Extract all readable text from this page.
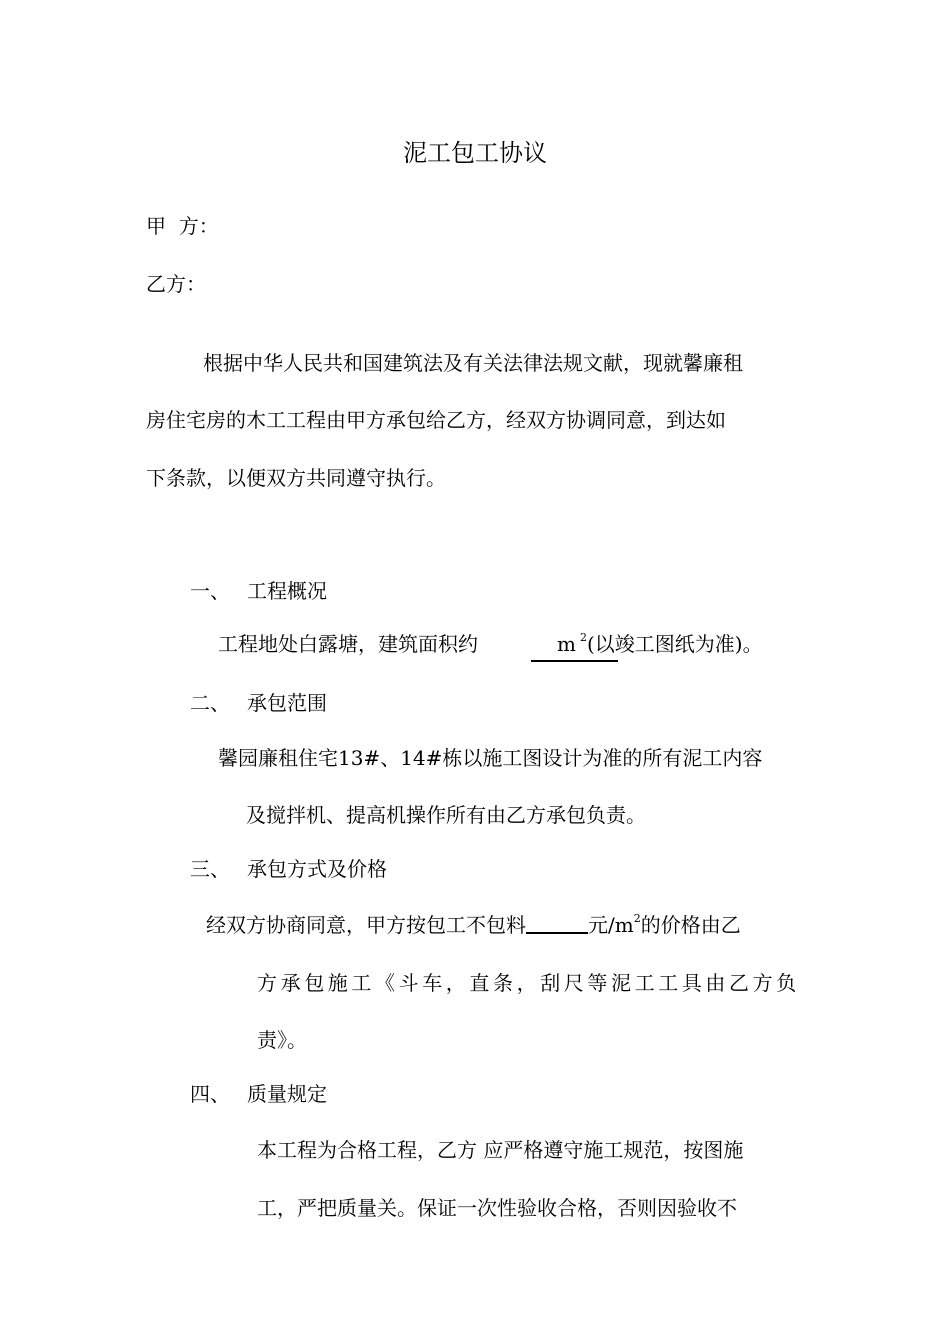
泥工包工协议
甲  方：
乙方：
根据中华人民共和国建筑法及有关法律法规文献，现就馨廉租
房住宅房的木工工程由甲方承包给乙方，经双方协调同意，到达如
下条款，以便双方共同遵守执行。
一、 工程概况
工程地处白露塘，建筑面积约	m  $^2$(以竣工图纸为准)。
二、 承包范围
馨园廉租住宅13#、14#栋以施工图设计为准的所有泥工内容
及搅拌机、提高机操作所有由乙方承包负责。
三、 承包方式及价格
经双方协商同意，甲方按包工不包料	元$/m^2$的价格由乙
方承包施工《斗车，直条，刮尺等泥工工具由乙方负
责》。
四、 质量规定
本工程为合格工程，乙方 应严格遵守施工规范，按图施
工，严把质量关。保证一次性验收合格，否则因验收不
